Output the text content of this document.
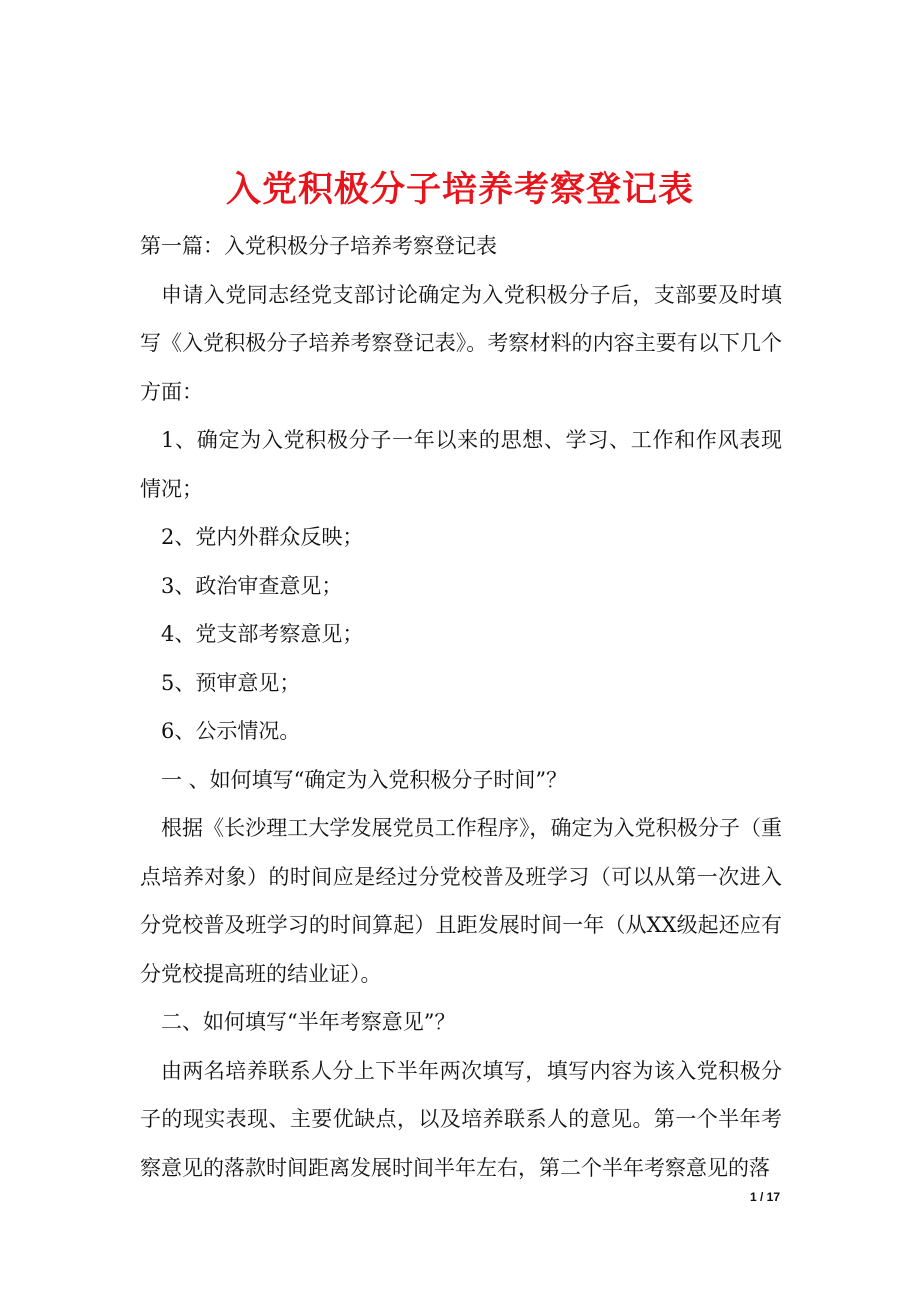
入党积极分子培养考察登记表

第一篇：入党积极分子培养考察登记表

申请入党同志经党支部讨论确定为入党积极分子后，支部要及时填写《入党积极分子培养考察登记表》。考察材料的内容主要有以下几个方面：

1、确定为入党积极分子一年以来的思想、学习、工作和作风表现情况；

2、党内外群众反映；

3、政治审查意见；

4、党支部考察意见；

5、预审意见；

6、公示情况。

一 、如何填写“确定为入党积极分子时间”？

根据《长沙理工大学发展党员工作程序》，确定为入党积极分子（重点培养对象）的时间应是经过分党校普及班学习（可以从第一次进入分党校普及班学习的时间算起）且距发展时间一年（从XX级起还应有分党校提高班的结业证）。

二、如何填写“半年考察意见”？

由两名培养联系人分上下半年两次填写，填写内容为该入党积极分子的现实表现、主要优缺点，以及培养联系人的意见。第一个半年考察意见的落款时间距离发展时间半年左右，第二个半年考察意见的落

1 / 17
